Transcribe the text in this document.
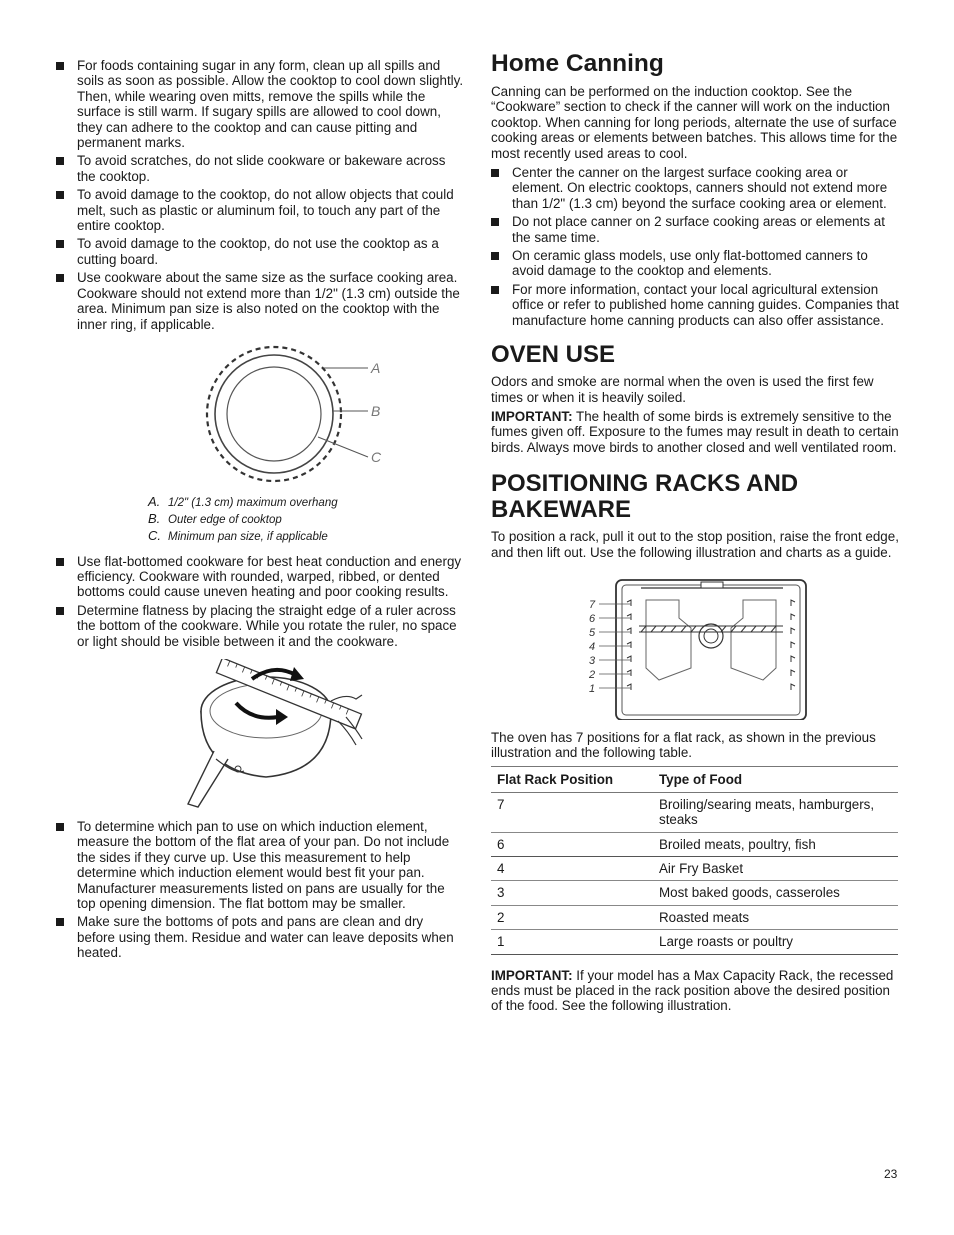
For foods containing sugar in any form, clean up all spills and soils as soon as possible. Allow the cooktop to cool down slightly. Then, while wearing oven mitts, remove the spills while the surface is still warm. If sugary spills are allowed to cool down, they can adhere to the cooktop and can cause pitting and permanent marks.
To avoid scratches, do not slide cookware or bakeware across the cooktop.
To avoid damage to the cooktop, do not allow objects that could melt, such as plastic or aluminum foil, to touch any part of the entire cooktop.
To avoid damage to the cooktop, do not use the cooktop as a cutting board.
Use cookware about the same size as the surface cooking area. Cookware should not extend more than 1/2" (1.3 cm) outside the area. Minimum pan size is also noted on the cooktop with the inner ring, if applicable.
A
B
C
A. 1/2" (1.3 cm) maximum overhang
B. Outer edge of cooktop
C. Minimum pan size, if applicable
Use flat-bottomed cookware for best heat conduction and energy efficiency. Cookware with rounded, warped, ribbed, or dented bottoms could cause uneven heating and poor cooking results.
Determine flatness by placing the straight edge of a ruler across the bottom of the cookware. While you rotate the ruler, no space or light should be visible between it and the cookware.
To determine which pan to use on which induction element, measure the bottom of the flat area of your pan. Do not include the sides if they curve up. Use this measurement to help determine which induction element would best fit your pan. Manufacturer measurements listed on pans are usually for the top opening dimension. The flat bottom may be smaller.
Make sure the bottoms of pots and pans are clean and dry before using them. Residue and water can leave deposits when heated.
Home Canning

Canning can be performed on the induction cooktop. See the “Cookware” section to check if the canner will work on the induction cooktop. When canning for long periods, alternate the use of surface cooking areas or elements between batches. This allows time for the most recently used areas to cool.

Center the canner on the largest surface cooking area or element. On electric cooktops, canners should not extend more than 1/2" (1.3 cm) beyond the surface cooking area or element.
Do not place canner on 2 surface cooking areas or elements at the same time.
On ceramic glass models, use only flat-bottomed canners to avoid damage to the cooktop and elements.
For more information, contact your local agricultural extension office or refer to published home canning guides. Companies that manufacture home canning products can also offer assistance.
OVEN USE

Odors and smoke are normal when the oven is used the first few times or when it is heavily soiled.

IMPORTANT: The health of some birds is extremely sensitive to the fumes given off. Exposure to the fumes may result in death to certain birds. Always move birds to another closed and well ventilated room.

POSITIONING RACKS AND
BAKEWARE

To position a rack, pull it out to the stop position, raise the front edge, and then lift out. Use the following illustration and charts as a guide.

7
6
5
4
3
2
1

The oven has 7 positions for a flat rack, as shown in the previous illustration and the following table.

Flat Rack Position	Type of Food
7	Broiling/searing meats, hamburgers, steaks
6	Broiled meats, poultry, fish
4	Air Fry Basket
3	Most baked goods, casseroles
2	Roasted meats
1	Large roasts or poultry

IMPORTANT: If your model has a Max Capacity Rack, the recessed ends must be placed in the rack position above the desired position of the food. See the following illustration.

23
